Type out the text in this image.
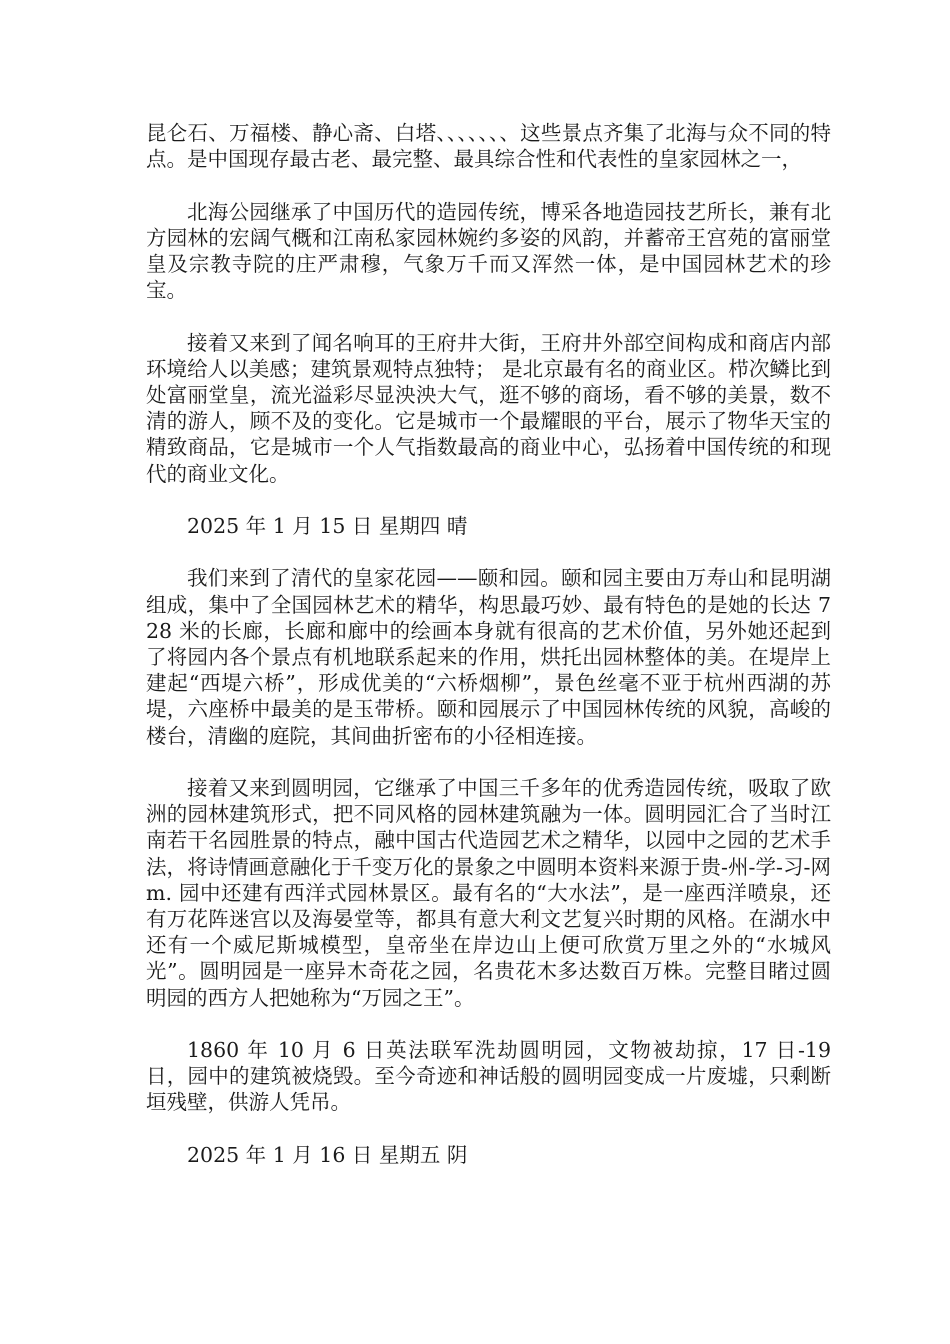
昆仑石、万福楼、静心斋、白塔、、、、、、、这些景点齐集了北海与众不同的特点。是中国现存最古老、最完整、最具综合性和代表性的皇家园林之一，

北海公园继承了中国历代的造园传统，博采各地造园技艺所长，兼有北方园林的宏阔气概和江南私家园林婉约多姿的风韵，并蓄帝王宫苑的富丽堂皇及宗教寺院的庄严肃穆，气象万千而又浑然一体，是中国园林艺术的珍宝。

接着又来到了闻名响耳的王府井大街，王府井外部空间构成和商店内部环境给人以美感；建筑景观特点独特； 是北京最有名的商业区。栉次鳞比到处富丽堂皇，流光溢彩尽显泱泱大气，逛不够的商场，看不够的美景，数不清的游人，顾不及的变化。它是城市一个最耀眼的平台，展示了物华天宝的精致商品，它是城市一个人气指数最高的商业中心，弘扬着中国传统的和现代的商业文化。

2025 年 1 月 15 日 星期四 晴

我们来到了清代的皇家花园——颐和园。颐和园主要由万寿山和昆明湖组成，集中了全国园林艺术的精华，构思最巧妙、最有特色的是她的长达 728 米的长廊，长廊和廊中的绘画本身就有很高的艺术价值，另外她还起到了将园内各个景点有机地联系起来的作用，烘托出园林整体的美。在堤岸上建起“西堤六桥”，形成优美的“六桥烟柳”，景色丝毫不亚于杭州西湖的苏堤，六座桥中最美的是玉带桥。颐和园展示了中国园林传统的风貌，高峻的楼台，清幽的庭院，其间曲折密布的小径相连接。

接着又来到圆明园，它继承了中国三千多年的优秀造园传统，吸取了欧洲的园林建筑形式，把不同风格的园林建筑融为一体。圆明园汇合了当时江南若干名园胜景的特点，融中国古代造园艺术之精华，以园中之园的艺术手法，将诗情画意融化于千变万化的景象之中圆明本资料来源于贵-州-学-习-网 m. 园中还建有西洋式园林景区。最有名的“大水法”，是一座西洋喷泉，还有万花阵迷宫以及海晏堂等，都具有意大利文艺复兴时期的风格。在湖水中还有一个威尼斯城模型，皇帝坐在岸边山上便可欣赏万里之外的“水城风光”。圆明园是一座异木奇花之园，名贵花木多达数百万株。完整目睹过圆明园的西方人把她称为“万园之王”。

1860 年 10 月 6 日英法联军洗劫圆明园，文物被劫掠，17 日-19 日，园中的建筑被烧毁。至今奇迹和神话般的圆明园变成一片废墟，只剩断垣残壁，供游人凭吊。

2025 年 1 月 16 日 星期五 阴
